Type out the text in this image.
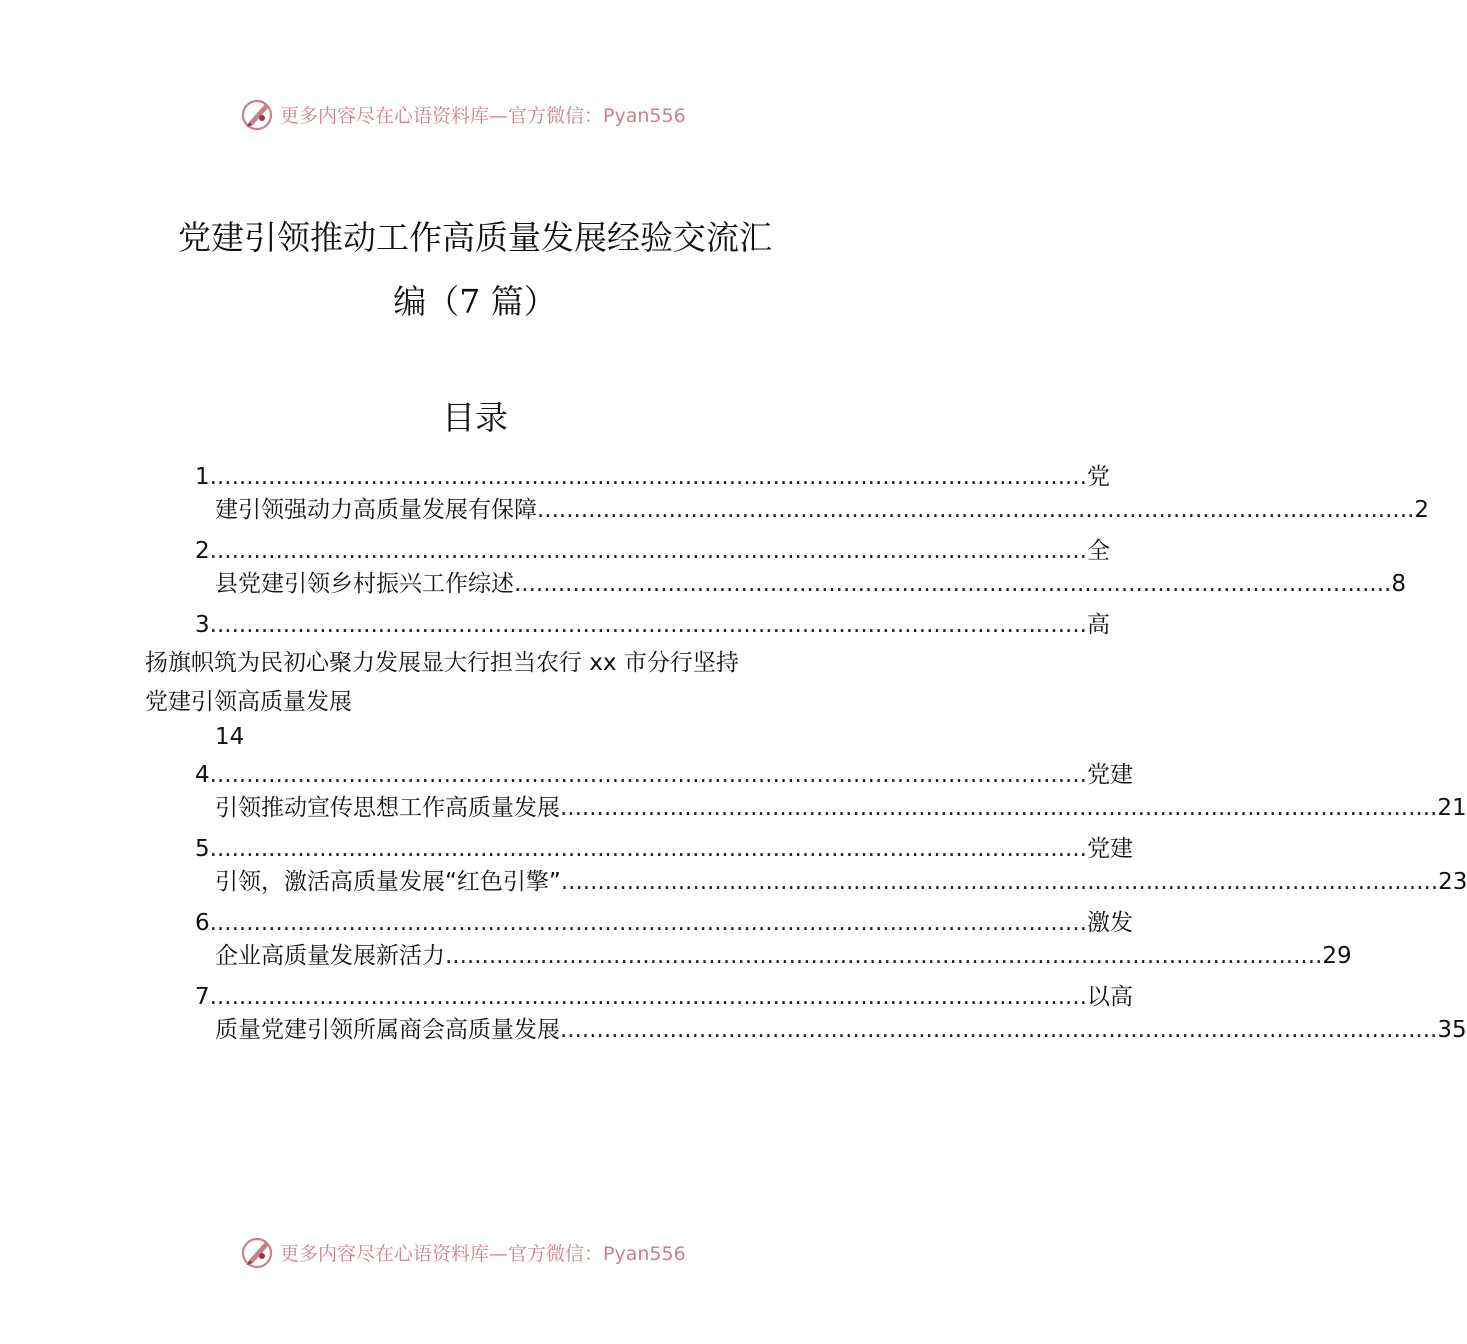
更多内容尽在心语资料库—官方微信：Pyan556
党建引领推动工作高质量发展经验交流汇
编（7 篇）
目录
1 ........................................................................................................................ 党
建引领强动力高质量发展有保障 ........................................................................................................................ 2
2 ........................................................................................................................ 全
县党建引领乡村振兴工作综述 ........................................................................................................................ 8
3 ........................................................................................................................ 高
扬旗帜筑为民初心聚力发展显大行担当农行 xx 市分行坚持
党建引领高质量发展
14
4 ........................................................................................................................ 党建
引领推动宣传思想工作高质量发展 ........................................................................................................................ 21
5 ........................................................................................................................ 党建
引领，激活高质量发展“红色引擎” ........................................................................................................................ 23
6 ........................................................................................................................ 激发
企业高质量发展新活力 ........................................................................................................................ 29
7 ........................................................................................................................ 以高
质量党建引领所属商会高质量发展 ........................................................................................................................ 35
更多内容尽在心语资料库—官方微信：Pyan556
